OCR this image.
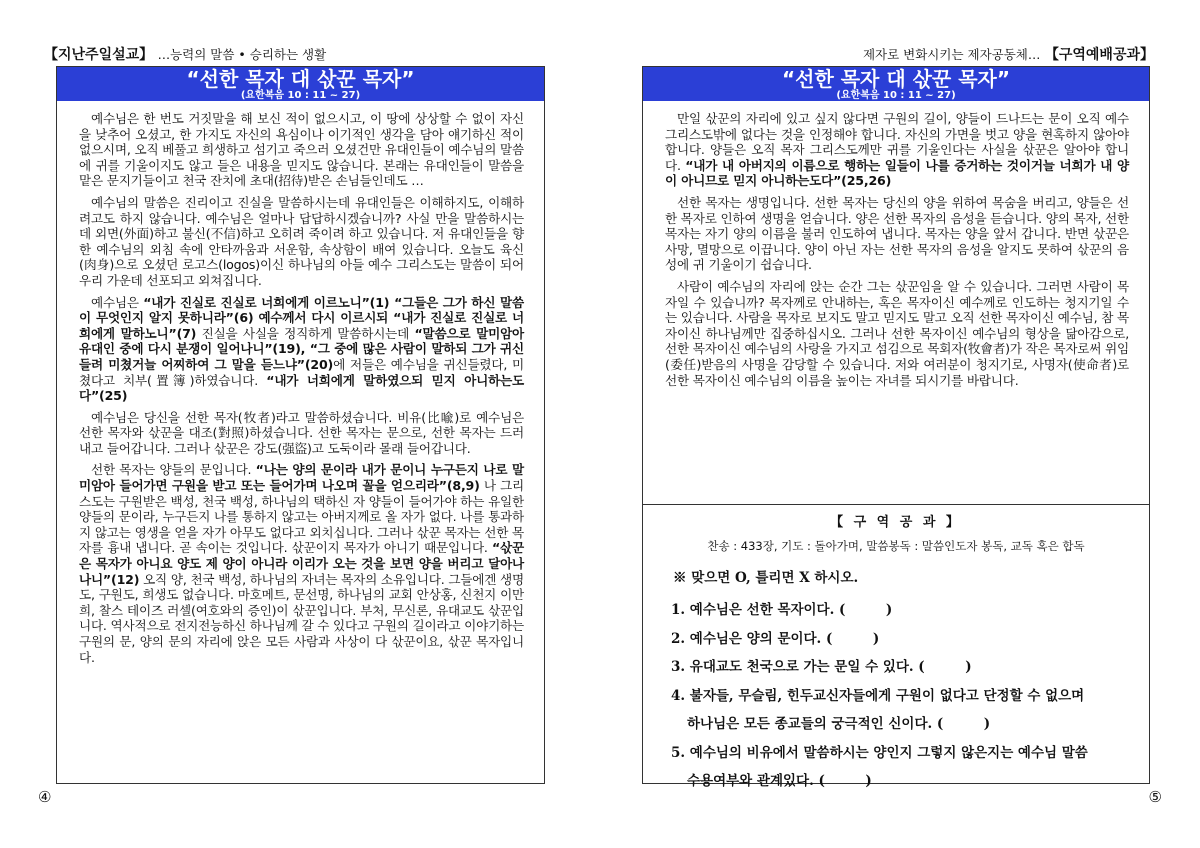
【지난주일설교】 …능력의 말씀 • 승리하는 생활	제자로 변화시키는 제자공동체… 【구역예배공과】
“선한 목자 대 삯꾼 목자”
(요한복음 10 : 11 ~ 27)

예수님은 한 번도 거짓말을 해 보신 적이 없으시고, 이 땅에 상상할 수 없이 자신을 낮추어 오셨고, 한 가지도 자신의 욕심이나 이기적인 생각을 담아 얘기하신 적이 없으시며, 오직 베풀고 희생하고 섬기고 죽으러 오셨건만 유대인들이 예수님의 말씀에 귀를 기울이지도 않고 들은 내용을 믿지도 않습니다. 본래는 유대인들이 말씀을 맡은 문지기들이고 천국 잔치에 초대(招待)받은 손님들인데도 …

예수님의 말씀은 진리이고 진실을 말씀하시는데 유대인들은 이해하지도, 이해하려고도 하지 않습니다. 예수님은 얼마나 답답하시겠습니까? 사실 만을 말씀하시는데 외면(外面)하고 불신(不信)하고 오히려 죽이려 하고 있습니다. 저 유대인들을 향한 예수님의 외침 속에 안타까움과 서운함, 속상함이 배여 있습니다. 오늘도 육신(肉身)으로 오셨던 로고스(logos)이신 하나님의 아들 예수 그리스도는 말씀이 되어 우리 가운데 선포되고 외쳐집니다.

예수님은 “내가 진실로 진실로 너희에게 이르노니”(1) “그들은 그가 하신 말씀이 무엇인지 알지 못하니라”(6) 예수께서 다시 이르시되 “내가 진실로 진실로 너희에게 말하노니”(7) 진실을 사실을 정직하게 말씀하시는데 “말씀으로 말미암아 유대인 중에 다시 분쟁이 일어나니”(19), “그 중에 많은 사람이 말하되 그가 귀신들려 미쳤거늘 어찌하여 그 말을 듣느냐”(20)에 저들은 예수님을 귀신들렸다, 미쳤다고 치부(置簿)하였습니다. “내가 너희에게 말하였으되 믿지 아니하는도다”(25)

예수님은 당신을 선한 목자(牧者)라고 말씀하셨습니다. 비유(比喩)로 예수님은 선한 목자와 삯꾼을 대조(對照)하셨습니다. 선한 목자는 문으로, 선한 목자는 드러내고 들어갑니다. 그러나 삯꾼은 강도(强盜)고 도둑이라 몰래 들어갑니다.

선한 목자는 양들의 문입니다. “나는 양의 문이라 내가 문이니 누구든지 나로 말미암아 들어가면 구원을 받고 또는 들어가며 나오며 꼴을 얻으리라”(8,9) 나 그리스도는 구원받은 백성, 천국 백성, 하나님의 택하신 자 양들이 들어가야 하는 유일한 양들의 문이라, 누구든지 나를 통하지 않고는 아버지께로 올 자가 없다. 나를 통과하지 않고는 영생을 얻을 자가 아무도 없다고 외치십니다. 그러나 삯꾼 목자는 선한 목자를 흉내 냅니다. 곧 속이는 것입니다. 삯꾼이지 목자가 아니기 때문입니다. “삯꾼은 목자가 아니요 양도 제 양이 아니라 이리가 오는 것을 보면 양을 버리고 달아나나니”(12) 오직 양, 천국 백성, 하나님의 자녀는 목자의 소유입니다. 그들에겐 생명도, 구원도, 희생도 없습니다. 마호메트, 문선명, 하나님의 교회 안상홍, 신천지 이만희, 찰스 테이즈 러셀(여호와의 증인)이 삯꾼입니다. 부처, 무신론, 유대교도 삯꾼입니다. 역사적으로 전지전능하신 하나님께 갈 수 있다고 구원의 길이라고 이야기하는 구원의 문, 양의 문의 자리에 앉은 모든 사람과 사상이 다 삯꾼이요, 삯꾼 목자입니다.

“선한 목자 대 삯꾼 목자”
(요한복음 10 : 11 ~ 27)

만일 삯꾼의 자리에 있고 싶지 않다면 구원의 길이, 양들이 드나드는 문이 오직 예수 그리스도밖에 없다는 것을 인정해야 합니다. 자신의 가면을 벗고 양을 현혹하지 않아야 합니다. 양들은 오직 목자 그리스도께만 귀를 기울인다는 사실을 삯꾼은 알아야 합니다. “내가 내 아버지의 이름으로 행하는 일들이 나를 증거하는 것이거늘 너희가 내 양이 아니므로 믿지 아니하는도다”(25,26)

선한 목자는 생명입니다. 선한 목자는 당신의 양을 위하여 목숨을 버리고, 양들은 선한 목자로 인하여 생명을 얻습니다. 양은 선한 목자의 음성을 듣습니다. 양의 목자, 선한 목자는 자기 양의 이름을 불러 인도하여 냅니다. 목자는 양을 앞서 갑니다. 반면 삯꾼은 사망, 멸망으로 이끕니다. 양이 아닌 자는 선한 목자의 음성을 알지도 못하여 삯꾼의 음성에 귀 기울이기 쉽습니다.

사람이 예수님의 자리에 앉는 순간 그는 삯꾼임을 알 수 있습니다. 그러면 사람이 목자일 수 있습니까? 목자께로 안내하는, 혹은 목자이신 예수께로 인도하는 청지기일 수는 있습니다. 사람을 목자로 보지도 말고 믿지도 말고 오직 선한 목자이신 예수님, 참 목자이신 하나님께만 집중하십시오. 그러나 선한 목자이신 예수님의 형상을 닮아감으로, 선한 목자이신 예수님의 사랑을 가지고 섬김으로 목회자(牧會者)가 작은 목자로써 위임(委任)받음의 사명을 감당할 수 있습니다. 저와 여러분이 청지기로, 사명자(使命者)로 선한 목자이신 예수님의 이름을 높이는 자녀를 되시기를 바랍니다.

【 구 역 공 과 】
찬송 : 433장, 기도 : 돌아가며, 말씀봉독 : 말씀인도자 봉독, 교독 혹은 합독
※ 맞으면 O, 틀리면 X 하시오.
1. 예수님은 선한 목자이다. (　　　)
2. 예수님은 양의 문이다. (　　　)
3. 유대교도 천국으로 가는 문일 수 있다. (　　　)
4. 불자들, 무슬림, 힌두교신자들에게 구원이 없다고 단정할 수 없으며
하나님은 모든 종교들의 궁극적인 신이다. (　　　)
5. 예수님의 비유에서 말씀하시는 양인지 그렇지 않은지는 예수님 말씀
수용여부와 관계있다. (　　　)
④	⑤
